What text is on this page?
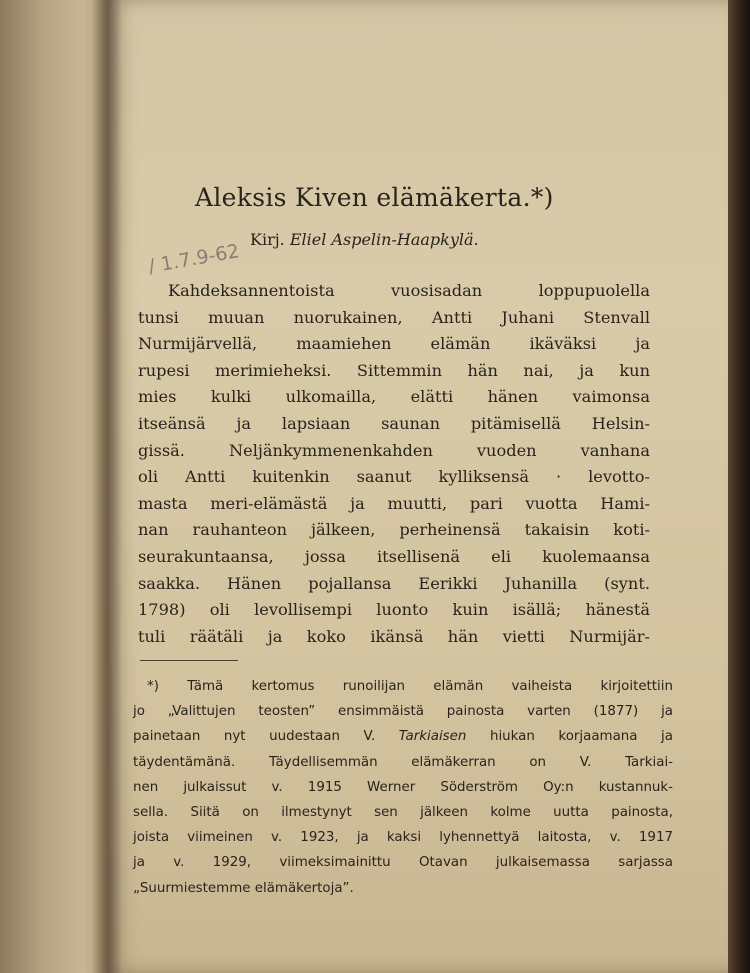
Aleksis Kiven elämäkerta.*)
Kirj. Eliel Aspelin-Haapkylä.
/ 1.7.9-62
Kahdeksannentoista vuosisadan loppupuolella
tunsi muuan nuorukainen, Antti Juhani Stenvall
Nurmijärvellä, maamiehen elämän ikäväksi ja
rupesi merimieheksi. Sittemmin hän nai, ja kun
mies kulki ulkomailla, elätti hänen vaimonsa
itseänsä ja lapsiaan saunan pitämisellä Helsin-
gissä. Neljänkymmenenkahden vuoden vanhana
oli Antti kuitenkin saanut kylliksensä · levotto-
masta meri-elämästä ja muutti, pari vuotta Hami-
nan rauhanteon jälkeen, perheinensä takaisin koti-
seurakuntaansa, jossa itsellisenä eli kuolemaansa
saakka. Hänen pojallansa Eerikki Juhanilla (synt.
1798) oli levollisempi luonto kuin isällä; hänestä
tuli räätäli ja koko ikänsä hän vietti Nurmijär-
*) Tämä kertomus runoilijan elämän vaiheista kirjoitettiin
jo „Valittujen teosten” ensimmäistä painosta varten (1877) ja
painetaan nyt uudestaan V. Tarkiaisen hiukan korjaamana ja
täydentämänä. Täydellisemmän elämäkerran on V. Tarkiai-
nen julkaissut v. 1915 Werner Söderström Oy:n kustannuk-
sella. Siitä on ilmestynyt sen jälkeen kolme uutta painosta,
joista viimeinen v. 1923, ja kaksi lyhennettyä laitosta, v. 1917
ja v. 1929, viimeksimainittu Otavan julkaisemassa sarjassa
„Suurmiestemme elämäkertoja”.
